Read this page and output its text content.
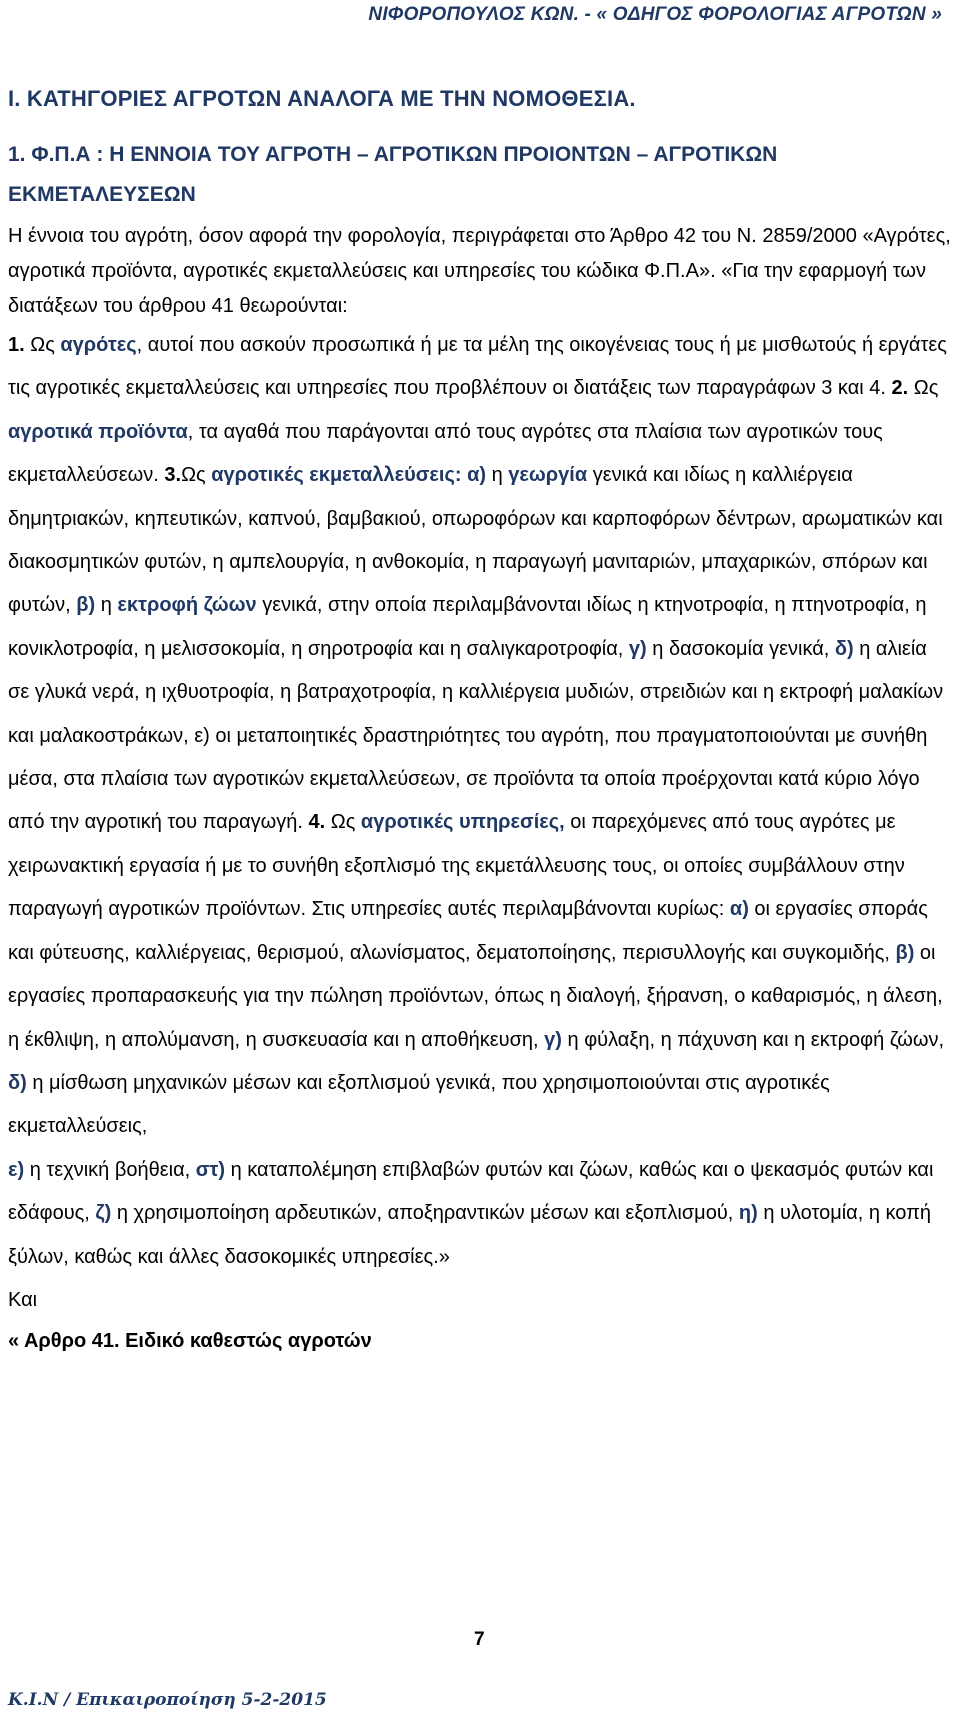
ΝΙΦΟΡΟΠΟΥΛΟΣ ΚΩΝ. - « ΟΔΗΓΟΣ ΦΟΡΟΛΟΓΙΑΣ ΑΓΡΟΤΩΝ »

Ι. ΚΑΤΗΓΟΡΙΕΣ ΑΓΡΟΤΩΝ ΑΝΑΛΟΓΑ ΜΕ ΤΗΝ ΝΟΜΟΘΕΣΙΑ.

1. Φ.Π.Α : Η ΕΝΝΟΙΑ ΤΟΥ ΑΓΡΟΤΗ – ΑΓΡΟΤΙΚΩΝ ΠΡΟΙΟΝΤΩΝ – ΑΓΡΟΤΙΚΩΝ ΕΚΜΕΤΑΛΕΥΣΕΩΝ

Η έννοια του αγρότη, όσον αφορά την φορολογία, περιγράφεται στο Άρθρο 42 του Ν. 2859/2000 «Αγρότες, αγροτικά προϊόντα, αγροτικές εκμεταλλεύσεις και υπηρεσίες του κώδικα Φ.Π.Α». «Για την εφαρμογή των διατάξεων του άρθρου 41 θεωρούνται:

1. Ως αγρότες, αυτοί που ασκούν προσωπικά ή με τα μέλη της οικογένειας τους ή με μισθωτούς ή εργάτες τις αγροτικές εκμεταλλεύσεις και υπηρεσίες που προβλέπουν οι διατάξεις των παραγράφων 3 και 4. 2. Ως αγροτικά προϊόντα, τα αγαθά που παράγονται από τους αγρότες στα πλαίσια των αγροτικών τους εκμεταλλεύσεων. 3.Ως αγροτικές εκμεταλλεύσεις: α) η γεωργία γενικά και ιδίως η καλλιέργεια δημητριακών, κηπευτικών, καπνού, βαμβακιού, οπωροφόρων και καρποφόρων δέντρων, αρωματικών και διακοσμητικών φυτών, η αμπελουργία, η ανθοκομία, η παραγωγή μανιταριών, μπαχαρικών, σπόρων και φυτών, β) η εκτροφή ζώων γενικά, στην οποία περιλαμβάνονται ιδίως η κτηνοτροφία, η πτηνοτροφία, η κονικλοτροφία, η μελισσοκομία, η σηροτροφία και η σαλιγκαροτροφία, γ) η δασοκομία γενικά, δ) η αλιεία σε γλυκά νερά, η ιχθυοτροφία, η βατραχοτροφία, η καλλιέργεια μυδιών, στρειδιών και η εκτροφή μαλακίων και μαλακοστράκων, ε) οι μεταποιητικές δραστηριότητες του αγρότη, που πραγματοποιούνται με συνήθη μέσα, στα πλαίσια των αγροτικών εκμεταλλεύσεων, σε προϊόντα τα οποία προέρχονται κατά κύριο λόγο από την αγροτική του παραγωγή. 4. Ως αγροτικές υπηρεσίες, οι παρεχόμενες από τους αγρότες με χειρωνακτική εργασία ή με το συνήθη εξοπλισμό της εκμετάλλευσης τους, οι οποίες συμβάλλουν στην παραγωγή αγροτικών προϊόντων. Στις υπηρεσίες αυτές περιλαμβάνονται κυρίως: α) οι εργασίες σποράς και φύτευσης, καλλιέργειας, θερισμού, αλωνίσματος, δεματοποίησης, περισυλλογής και συγκομιδής, β) οι εργασίες προπαρασκευής για την πώληση προϊόντων, όπως η διαλογή, ξήρανση, ο καθαρισμός, η άλεση, η έκθλιψη, η απολύμανση, η συσκευασία και η αποθήκευση, γ) η φύλαξη, η πάχυνση και η εκτροφή ζώων, δ) η μίσθωση μηχανικών μέσων και εξοπλισμού γενικά, που χρησιμοποιούνται στις αγροτικές εκμεταλλεύσεις,
ε) η τεχνική βοήθεια, στ) η καταπολέμηση επιβλαβών φυτών και ζώων, καθώς και ο ψεκασμός φυτών και εδάφους, ζ) η χρησιμοποίηση αρδευτικών, αποξηραντικών μέσων και εξοπλισμού, η) η υλοτομία, η κοπή ξύλων, καθώς και άλλες δασοκομικές υπηρεσίες.»

Και

« Αρθρο 41. Ειδικό καθεστώς αγροτών

7
Κ.Ι.Ν / Επικαιροποίηση 5-2-2015
